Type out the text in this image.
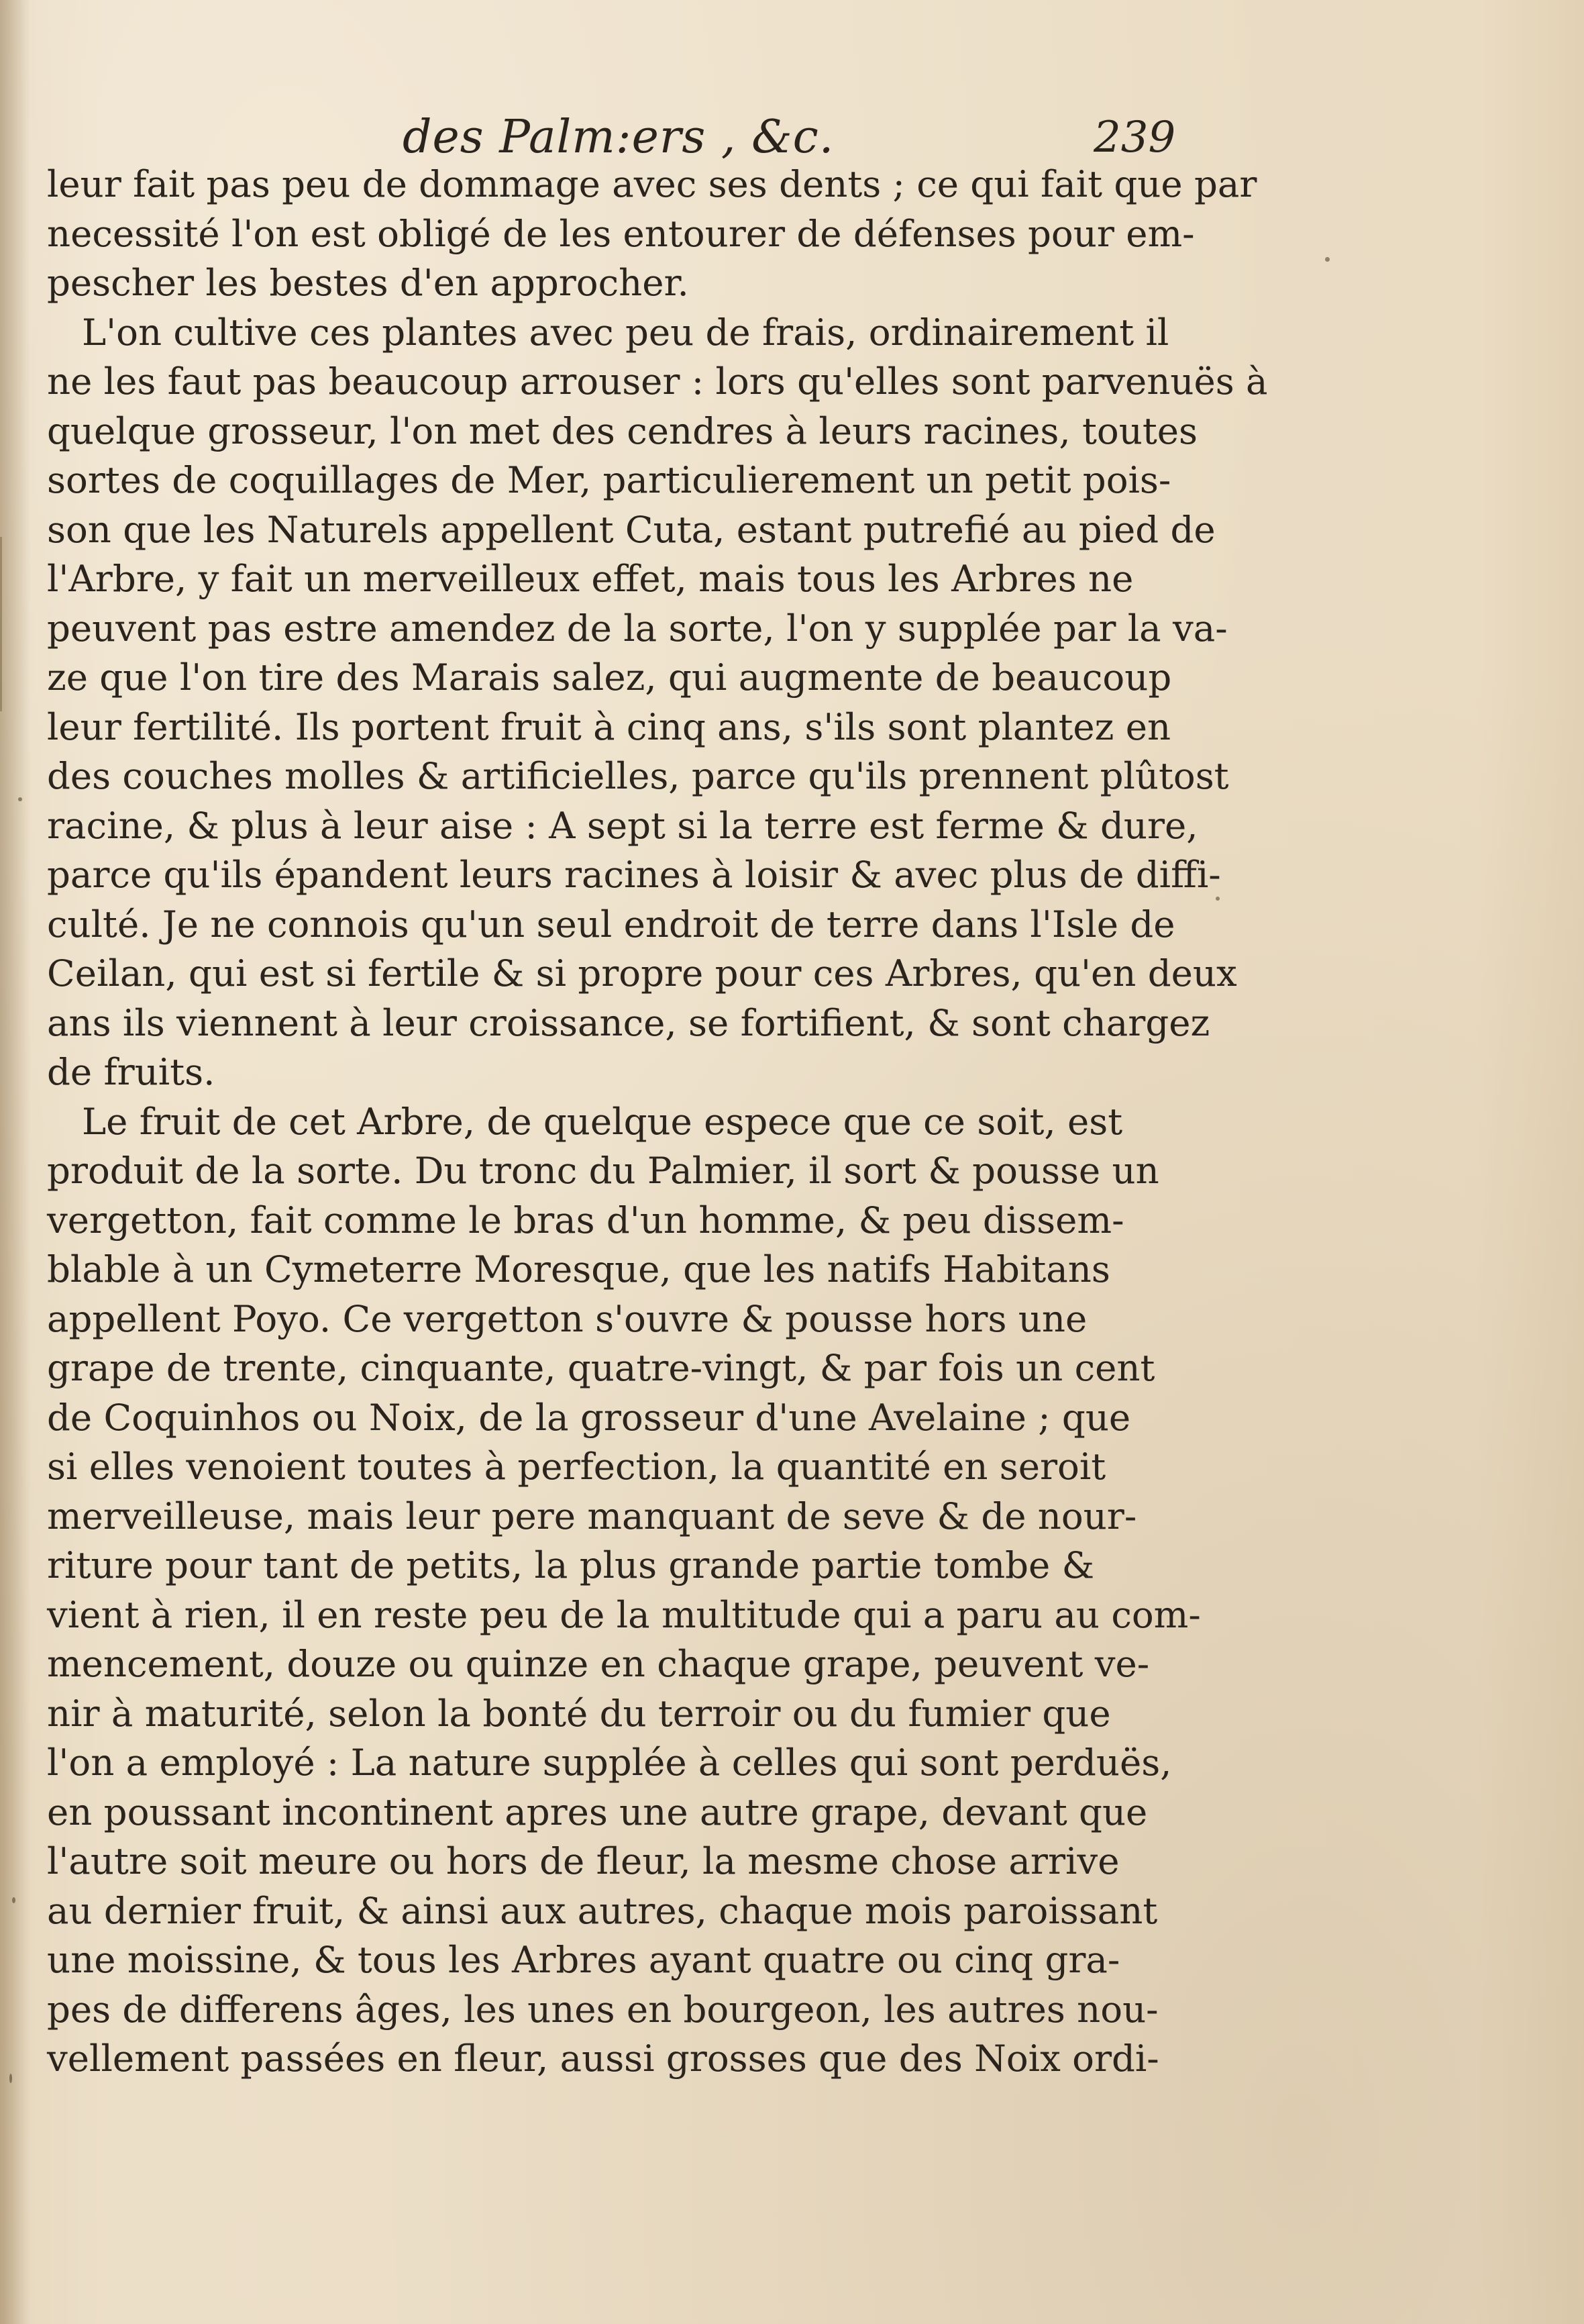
des Palm:ers , &c.	239
leur fait pas peu de dommage avec ses dents ; ce qui fait que par
necessité l'on est obligé de les entourer de défenses pour em-
pescher les bestes d'en approcher.
L'on cultive ces plantes avec peu de frais, ordinairement il
ne les faut pas beaucoup arrouser : lors qu'elles sont parvenuës à
quelque grosseur, l'on met des cendres à leurs racines, toutes
sortes de coquillages de Mer, particulierement un petit pois-
son que les Naturels appellent Cuta, estant putrefié au pied de
l'Arbre, y fait un merveilleux effet, mais tous les Arbres ne
peuvent pas estre amendez de la sorte, l'on y supplée par la va-
ze que l'on tire des Marais salez, qui augmente de beaucoup
leur fertilité. Ils portent fruit à cinq ans, s'ils sont plantez en
des couches molles & artificielles, parce qu'ils prennent plûtost
racine, & plus à leur aise : A sept si la terre est ferme & dure,
parce qu'ils épandent leurs racines à loisir & avec plus de diffi-
culté. Je ne connois qu'un seul endroit de terre dans l'Isle de
Ceilan, qui est si fertile & si propre pour ces Arbres, qu'en deux
ans ils viennent à leur croissance, se fortifient, & sont chargez
de fruits.
Le fruit de cet Arbre, de quelque espece que ce soit, est
produit de la sorte. Du tronc du Palmier, il sort & pousse un
vergetton, fait comme le bras d'un homme, & peu dissem-
blable à un Cymeterre Moresque, que les natifs Habitans
appellent Poyo. Ce vergetton s'ouvre & pousse hors une
grape de trente, cinquante, quatre-vingt, & par fois un cent
de Coquinhos ou Noix, de la grosseur d'une Avelaine ; que
si elles venoient toutes à perfection, la quantité en seroit
merveilleuse, mais leur pere manquant de seve & de nour-
riture pour tant de petits, la plus grande partie tombe &
vient à rien, il en reste peu de la multitude qui a paru au com-
mencement, douze ou quinze en chaque grape, peuvent ve-
nir à maturité, selon la bonté du terroir ou du fumier que
l'on a employé : La nature supplée à celles qui sont perduës,
en poussant incontinent apres une autre grape, devant que
l'autre soit meure ou hors de fleur, la mesme chose arrive
au dernier fruit, & ainsi aux autres, chaque mois paroissant
une moissine, & tous les Arbres ayant quatre ou cinq gra-
pes de differens âges, les unes en bourgeon, les autres nou-
vellement passées en fleur, aussi grosses que des Noix ordi-
